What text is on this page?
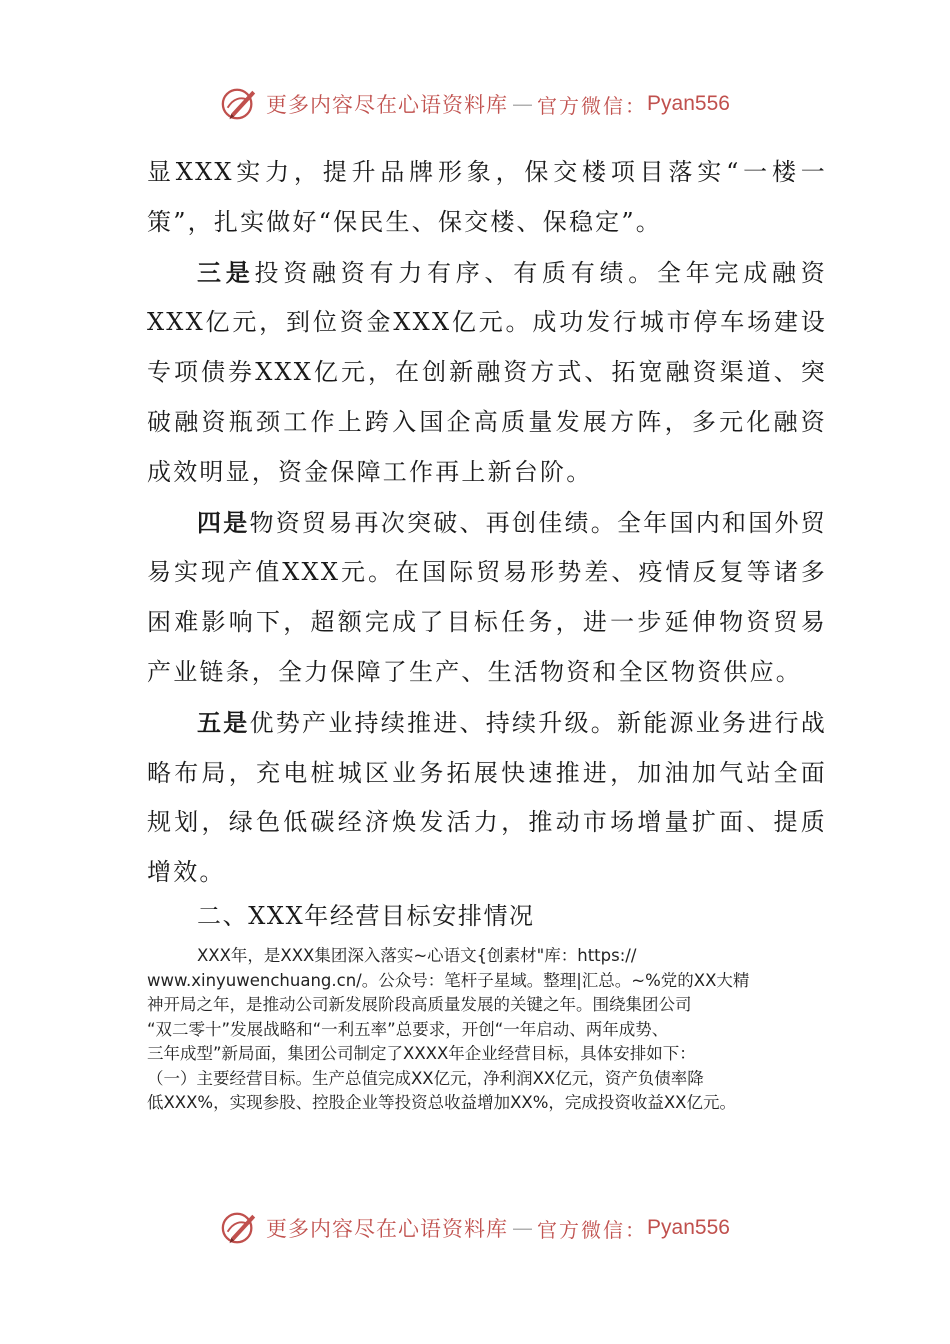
更多内容尽在心语资料库 — 官方微信： Pyan556

显XXX实力，提升品牌形象，保交楼项目落实“一楼一策”，扎实做好“保民生、保交楼、保稳定”。

三是投资融资有力有序、有质有绩。全年完成融资XXX亿元，到位资金XXX亿元。成功发行城市停车场建设专项债券XXX亿元，在创新融资方式、拓宽融资渠道、突破融资瓶颈工作上跨入国企高质量发展方阵，多元化融资成效明显，资金保障工作再上新台阶。

四是物资贸易再次突破、再创佳绩。全年国内和国外贸易实现产值XXX元。在国际贸易形势差、疫情反复等诸多困难影响下，超额完成了目标任务，进一步延伸物资贸易产业链条，全力保障了生产、生活物资和全区物资供应。

五是优势产业持续推进、持续升级。新能源业务进行战略布局，充电桩城区业务拓展快速推进，加油加气站全面规划，绿色低碳经济焕发活力，推动市场增量扩面、提质增效。

二、XXX年经营目标安排情况

XXX年，是XXX集团深入落实~心语文{创素材"库：https://

www.xinyuwenchuang.cn/。公众号：笔杆子星域。整理|汇总。~%党的XX大精

神开局之年，是推动公司新发展阶段高质量发展的关键之年。围绕集团公司

“双二零十”发展战略和“一利五率”总要求，开创“一年启动、两年成势、

三年成型”新局面，集团公司制定了XXXX年企业经营目标，具体安排如下：

（一）主要经营目标。生产总值完成XX亿元，净利润XX亿元，资产负债率降

低XXX%，实现参股、控股企业等投资总收益增加XX%，完成投资收益XX亿元。

更多内容尽在心语资料库 — 官方微信： Pyan556
